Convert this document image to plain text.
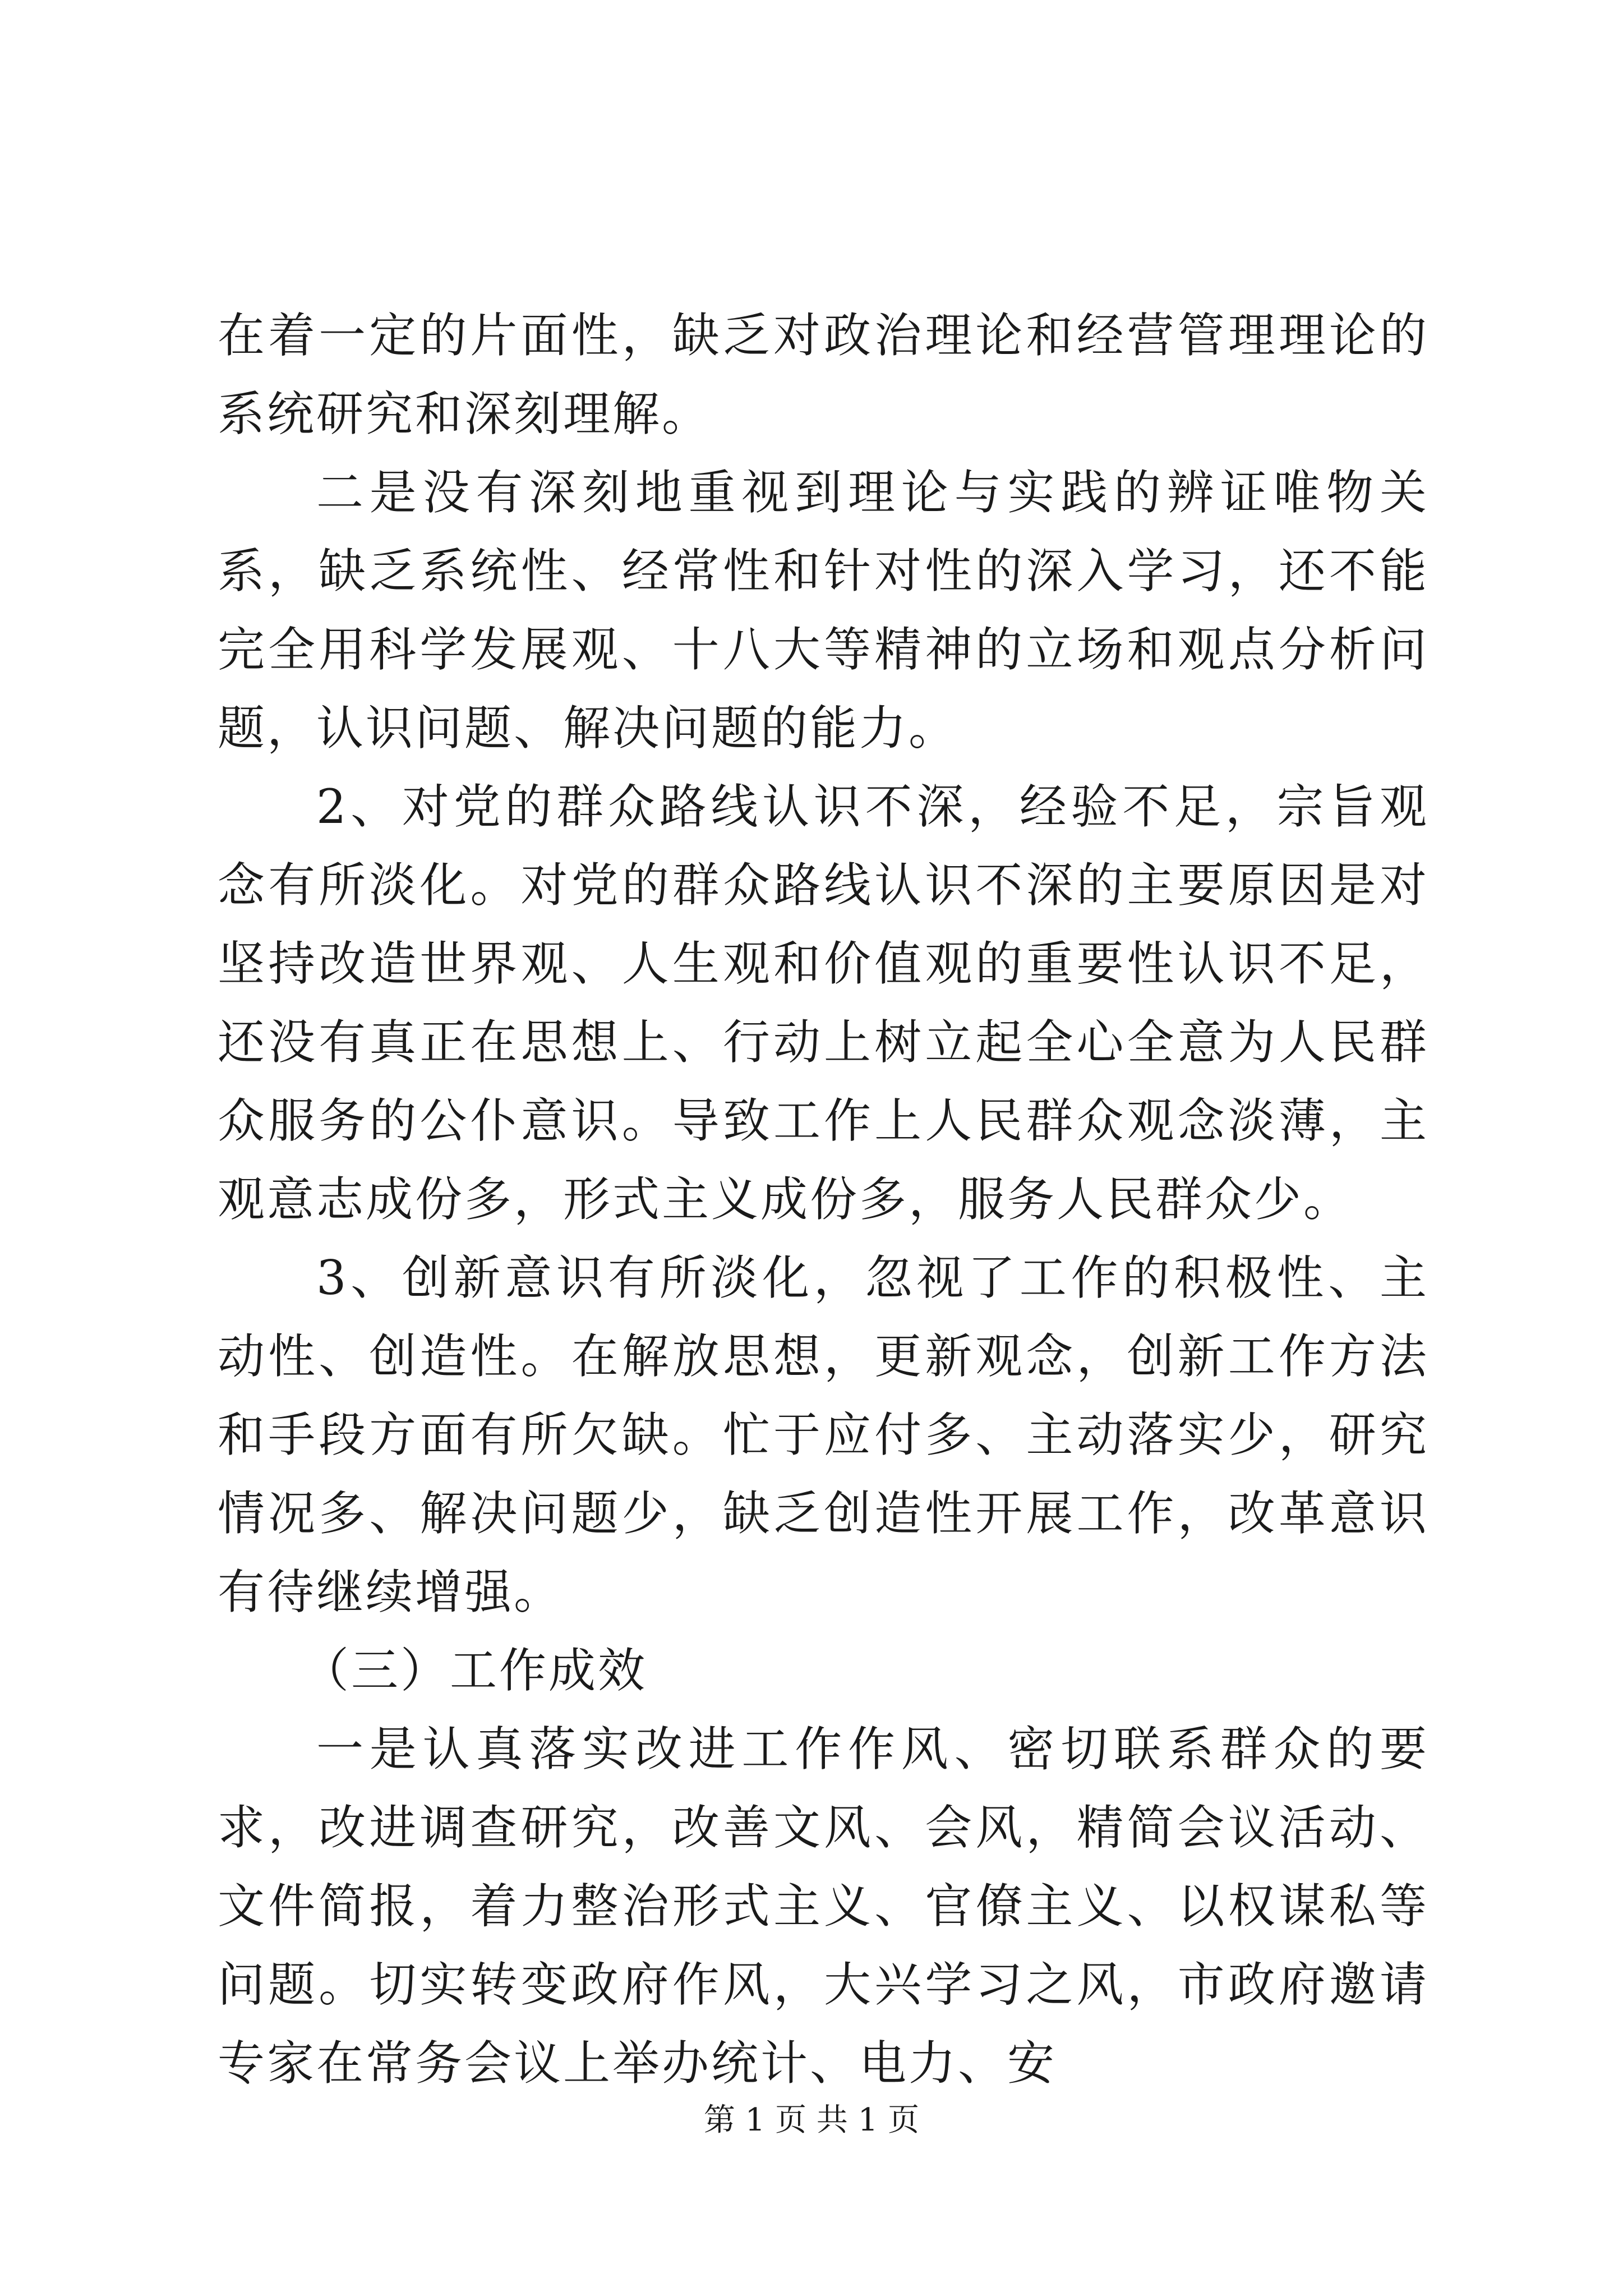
在着一定的片面性，缺乏对政治理论和经营管理理论的系统研究和深刻理解。

二是没有深刻地重视到理论与实践的辨证唯物关系，缺乏系统性、经常性和针对性的深入学习，还不能完全用科学发展观、十八大等精神的立场和观点分析问题，认识问题、解决问题的能力。

2、对党的群众路线认识不深，经验不足，宗旨观念有所淡化。对党的群众路线认识不深的主要原因是对坚持改造世界观、人生观和价值观的重要性认识不足，还没有真正在思想上、行动上树立起全心全意为人民群众服务的公仆意识。导致工作上人民群众观念淡薄，主观意志成份多，形式主义成份多，服务人民群众少。

3、创新意识有所淡化，忽视了工作的积极性、主动性、创造性。在解放思想，更新观念，创新工作方法和手段方面有所欠缺。忙于应付多、主动落实少，研究情况多、解决问题少，缺乏创造性开展工作，改革意识有待继续增强。

（三）工作成效

一是认真落实改进工作作风、密切联系群众的要求，改进调查研究，改善文风、会风，精简会议活动、文件简报，着力整治形式主义、官僚主义、以权谋私等问题。切实转变政府作风，大兴学习之风，市政府邀请专家在常务会议上举办统计、电力、安

第 1 页 共 1 页
